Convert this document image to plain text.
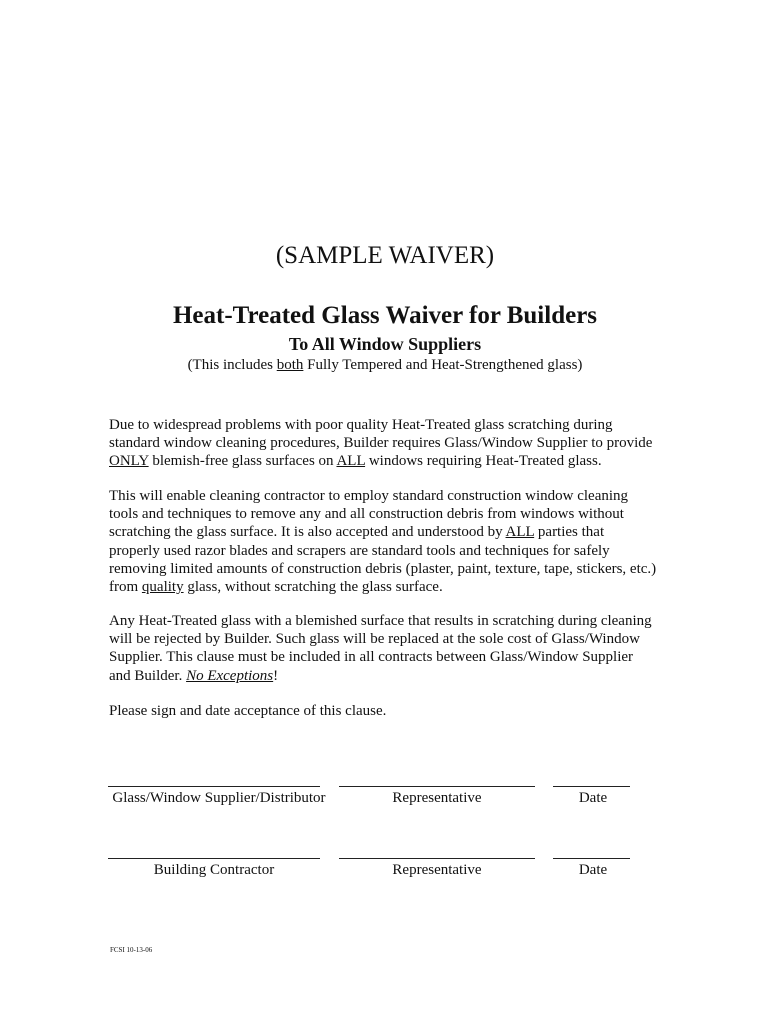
(SAMPLE WAIVER)
Heat-Treated Glass Waiver for Builders
To All Window Suppliers
(This includes both Fully Tempered and Heat-Strengthened glass)
Due to widespread problems with poor quality Heat-Treated glass scratching during
standard window cleaning procedures, Builder requires Glass/Window Supplier to provide
ONLY blemish-free glass surfaces on ALL windows requiring Heat-Treated glass.
This will enable cleaning contractor to employ standard construction window cleaning
tools and techniques to remove any and all construction debris from windows without
scratching the glass surface. It is also accepted and understood by ALL parties that
properly used razor blades and scrapers are standard tools and techniques for safely
removing limited amounts of construction debris (plaster, paint, texture, tape, stickers, etc.)
from quality glass, without scratching the glass surface.
Any Heat-Treated glass with a blemished surface that results in scratching during cleaning
will be rejected by Builder. Such glass will be replaced at the sole cost of Glass/Window
Supplier. This clause must be included in all contracts between Glass/Window Supplier
and Builder. No Exceptions!
Please sign and date acceptance of this clause.
Glass/Window Supplier/Distributor	Representative	Date
Building Contractor	Representative	Date
FCSI 10-13-06
